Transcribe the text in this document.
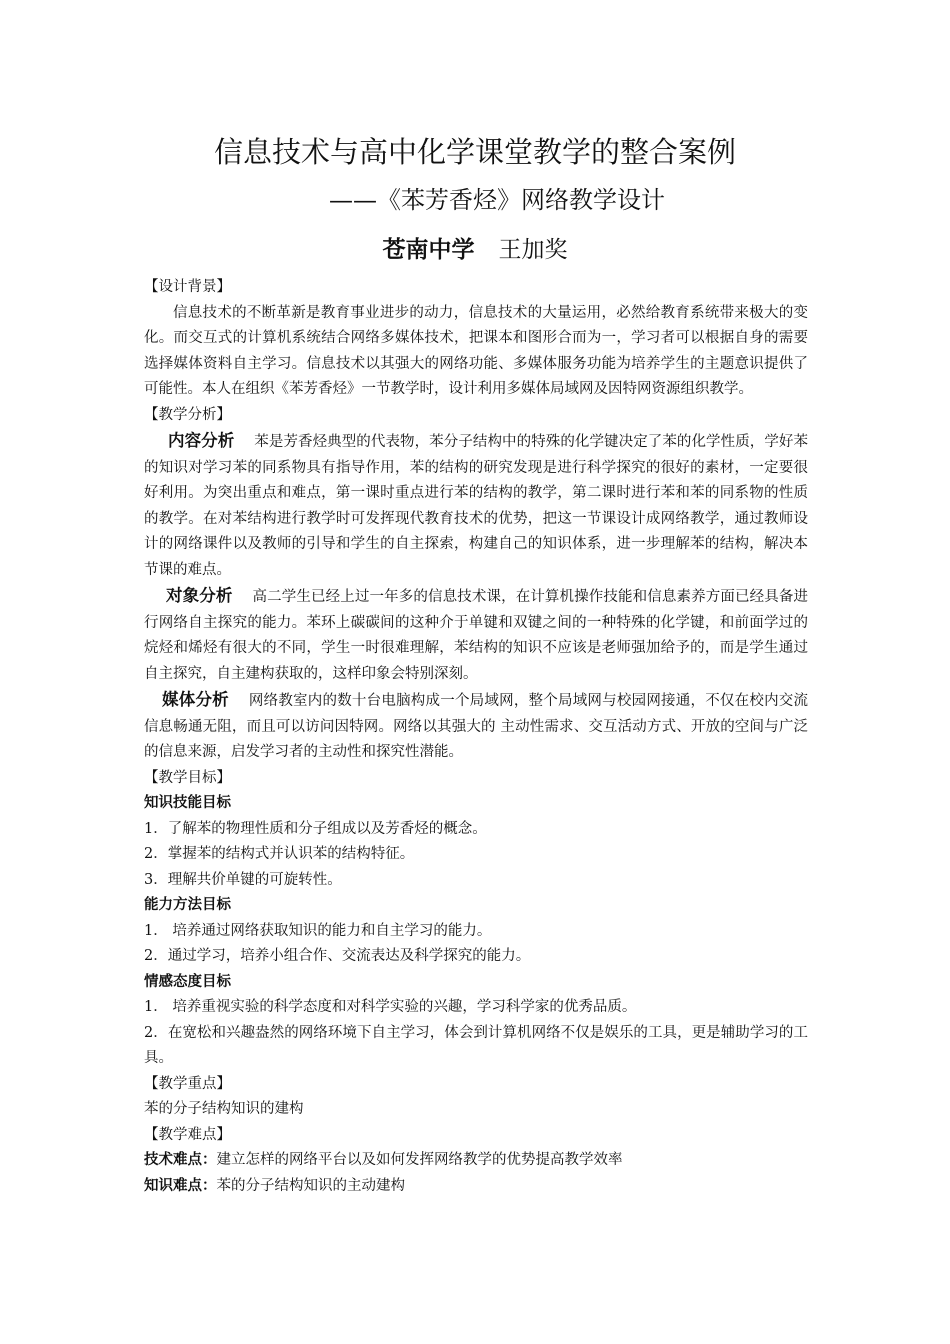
信息技术与高中化学课堂教学的整合案例
——《苯芳香烃》网络教学设计
苍南中学 王加奖

【设计背景】

信息技术的不断革新是教育事业进步的动力，信息技术的大量运用，必然给教育系统带来极大的变化。而交互式的计算机系统结合网络多媒体技术，把课本和图形合而为一，学习者可以根据自身的需要选择媒体资料自主学习。信息技术以其强大的网络功能、多媒体服务功能为培养学生的主题意识提供了可能性。本人在组织《苯芳香烃》一节教学时，设计利用多媒体局域网及因特网资源组织教学。

【教学分析】

内容分析 苯是芳香烃典型的代表物，苯分子结构中的特殊的化学键决定了苯的化学性质，学好苯的知识对学习苯的同系物具有指导作用，苯的结构的研究发现是进行科学探究的很好的素材，一定要很好利用。为突出重点和难点，第一课时重点进行苯的结构的教学，第二课时进行苯和苯的同系物的性质的教学。在对苯结构进行教学时可发挥现代教育技术的优势，把这一节课设计成网络教学，通过教师设计的网络课件以及教师的引导和学生的自主探索，构建自己的知识体系，进一步理解苯的结构，解决本节课的难点。

对象分析 高二学生已经上过一年多的信息技术课，在计算机操作技能和信息素养方面已经具备进行网络自主探究的能力。苯环上碳碳间的这种介于单键和双键之间的一种特殊的化学键，和前面学过的烷烃和烯烃有很大的不同，学生一时很难理解，苯结构的知识不应该是老师强加给予的，而是学生通过自主探究，自主建构获取的，这样印象会特别深刻。

媒体分析 网络教室内的数十台电脑构成一个局域网，整个局域网与校园网接通，不仅在校内交流信息畅通无阻，而且可以访问因特网。网络以其强大的 主动性需求、交互活动方式、开放的空间与广泛的信息来源，启发学习者的主动性和探究性潜能。

【教学目标】

知识技能目标

1．了解苯的物理性质和分子组成以及芳香烃的概念。

2．掌握苯的结构式并认识苯的结构特征。

3．理解共价单键的可旋转性。

能力方法目标

1． 培养通过网络获取知识的能力和自主学习的能力。

2．通过学习，培养小组合作、交流表达及科学探究的能力。

情感态度目标

1． 培养重视实验的科学态度和对科学实验的兴趣，学习科学家的优秀品质。

2．在宽松和兴趣盎然的网络环境下自主学习，体会到计算机网络不仅是娱乐的工具，更是辅助学习的工具。

【教学重点】

苯的分子结构知识的建构

【教学难点】

技术难点：建立怎样的网络平台以及如何发挥网络教学的优势提高教学效率

知识难点：苯的分子结构知识的主动建构
